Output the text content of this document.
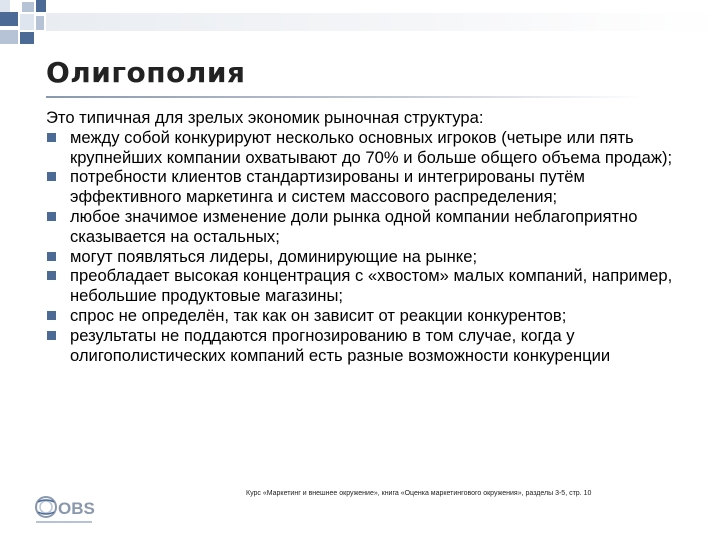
Олигополия

Это типичная для зрелых экономик рыночная структура:

между собой конкурируют несколько основных игроков (четыре или пять крупнейших компании охватывают до 70% и больше общего объема продаж);
потребности клиентов стандартизированы и интегрированы путём эффективного маркетинга и систем массового распределения;
любое значимое изменение доли рынка одной компании неблагоприятно сказывается на остальных;
могут появляться лидеры, доминирующие на рынке;
преобладает высокая концентрация с «хвостом» малых компаний, например, небольшие продуктовые магазины;
спрос не определён, так как он зависит от реакции конкурентов;
результаты не поддаются прогнозированию в том случае, когда у олигополистических компаний есть разные возможности конкуренции
OBS
Курс «Маркетинг и внешнее окружение», книга «Оценка маркетингового окружения», разделы 3-5, стр. 10
